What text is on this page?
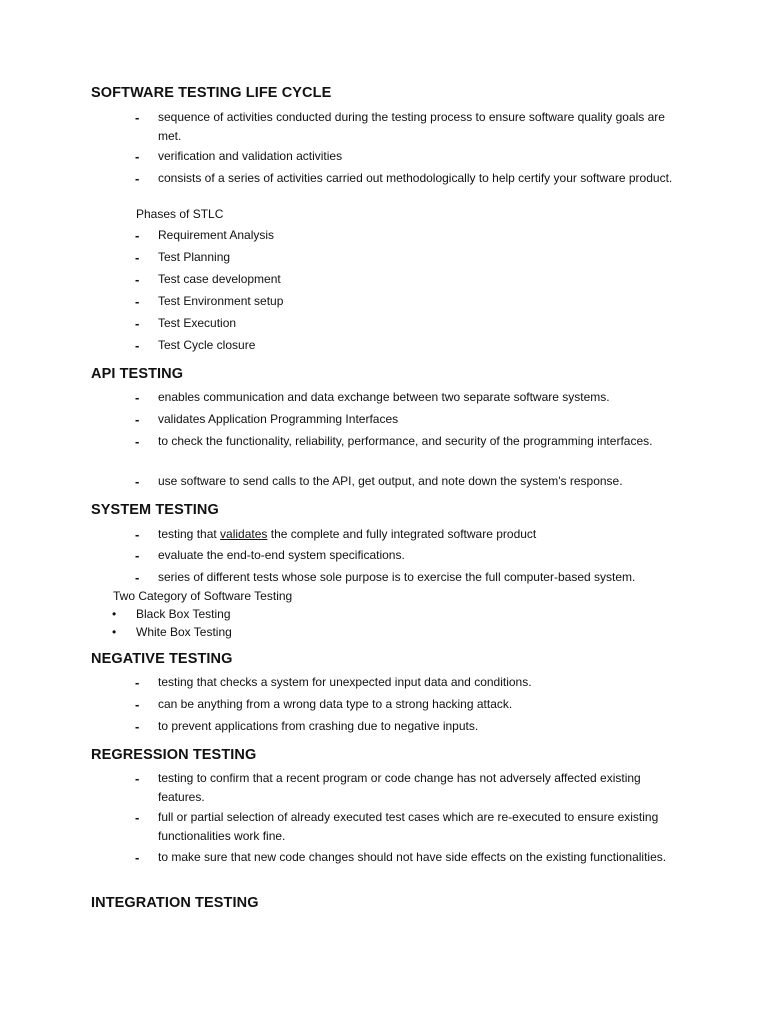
SOFTWARE TESTING LIFE CYCLE
- sequence of activities conducted during the testing process to ensure software quality goals are met.
- verification and validation activities
- consists of a series of activities carried out methodologically to help certify your software product.
Phases of STLC
- Requirement Analysis
- Test Planning
- Test case development
- Test Environment setup
- Test Execution
- Test Cycle closure
API TESTING
- enables communication and data exchange between two separate software systems.
- validates Application Programming Interfaces
- to check the functionality, reliability, performance, and security of the programming interfaces.
- use software to send calls to the API, get output, and note down the system's response.
SYSTEM TESTING
- testing that validates the complete and fully integrated software product
- evaluate the end-to-end system specifications.
- series of different tests whose sole purpose is to exercise the full computer-based system.
Two Category of Software Testing
• Black Box Testing
• White Box Testing
NEGATIVE TESTING
- testing that checks a system for unexpected input data and conditions.
- can be anything from a wrong data type to a strong hacking attack.
- to prevent applications from crashing due to negative inputs.
REGRESSION TESTING
- testing to confirm that a recent program or code change has not adversely affected existing features.
- full or partial selection of already executed test cases which are re-executed to ensure existing functionalities work fine.
- to make sure that new code changes should not have side effects on the existing functionalities.
INTEGRATION TESTING
